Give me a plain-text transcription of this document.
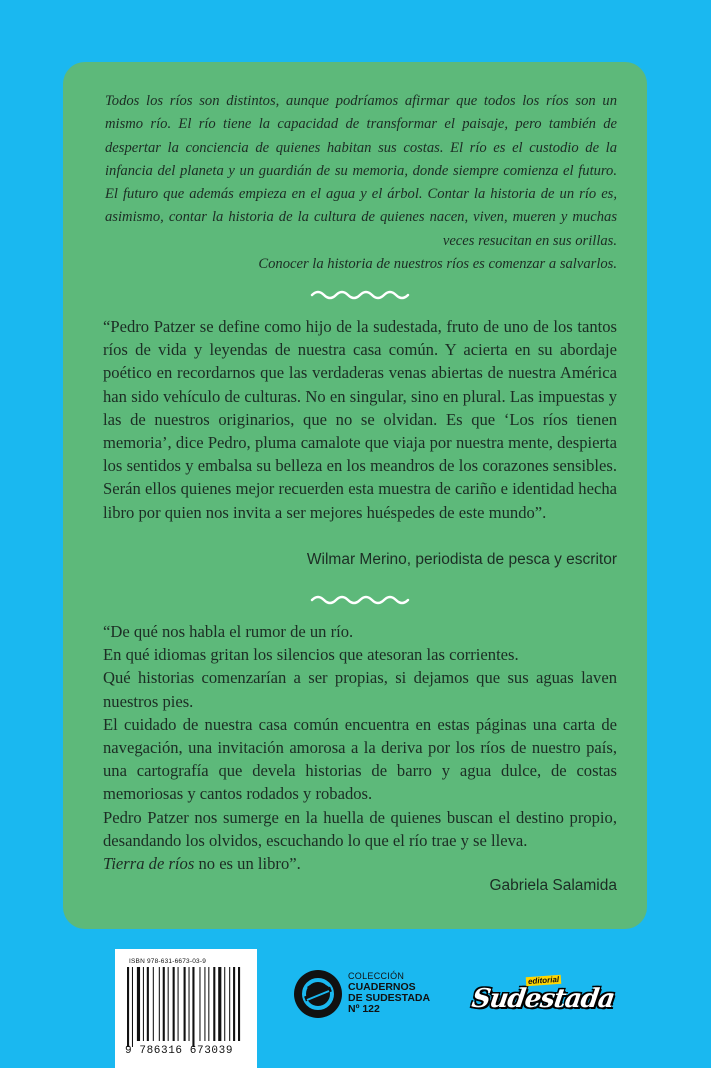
Todos los ríos son distintos, aunque podríamos afirmar que todos los ríos son un mismo río. El río tiene la capacidad de transformar el paisaje, pero también de despertar la conciencia de quienes habitan sus costas. El río es el custodio de la infancia del planeta y un guardián de su memoria, donde siempre comienza el futuro. El futuro que además empieza en el agua y el árbol. Contar la historia de un río es, asimismo, contar la historia de la cultura de quienes nacen, viven, mueren y muchas veces resucitan en sus orillas.

Conocer la historia de nuestros ríos es comenzar a salvarlos.

“Pedro Patzer se define como hijo de la sudestada, fruto de uno de los tantos ríos de vida y leyendas de nuestra casa común. Y acierta en su abordaje poético en recordarnos que las verdaderas venas abiertas de nuestra América han sido vehículo de culturas. No en singular, sino en plural. Las impuestas y las de nuestros originarios, que no se olvidan. Es que ‘Los ríos tienen memoria’, dice Pedro, pluma camalote que viaja por nuestra mente, despierta los sentidos y embalsa su belleza en los meandros de los corazones sensibles. Serán ellos quienes mejor recuerden esta muestra de cariño e identidad hecha libro por quien nos invita a ser mejores huéspedes de este mundo”.

Wilmar Merino, periodista de pesca y escritor

“De qué nos habla el rumor de un río.

En qué idiomas gritan los silencios que atesoran las corrientes.

Qué historias comenzarían a ser propias, si dejamos que sus aguas laven nuestros pies.

El cuidado de nuestra casa común encuentra en estas páginas una carta de navegación, una invitación amorosa a la deriva por los ríos de nuestro país, una cartografía que devela historias de barro y agua dulce, de costas memoriosas y cantos rodados y robados.

Pedro Patzer nos sumerge en la huella de quienes buscan el destino propio, desandando los olvidos, escuchando lo que el río trae y se lleva.

Tierra de ríos no es un libro”.

Gabriela Salamida
ISBN 978-631-6673-03-9
9 786316 673039
COLECCIÓN
CUADERNOS
DE SUDESTADA
Nº 122	Sudestada
editorial
